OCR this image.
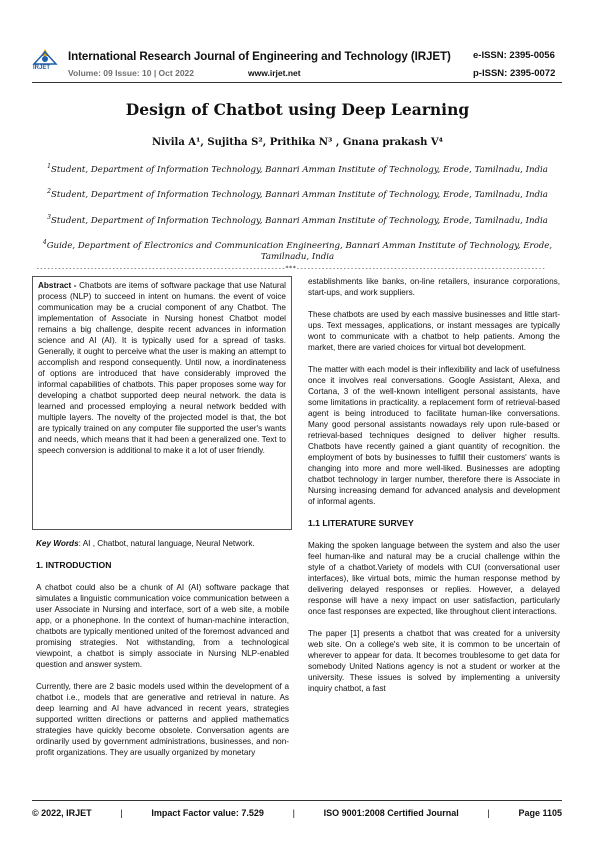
IRJET
International Research Journal of Engineering and Technology (IRJET) e-ISSN: 2395-0056
Volume: 09 Issue: 10 | Oct 2022	www.irjet.net	p-ISSN: 2395-0072
Design of Chatbot using Deep Learning
Nivila A¹, Sujitha S², Prithika N³ , Gnana prakash V⁴
$^1$Student, Department of Information Technology, Bannari Amman Institute of Technology, Erode, Tamilnadu, India
$^2$Student, Department of Information Technology, Bannari Amman Institute of Technology, Erode, Tamilnadu, India
$^3$Student, Department of Information Technology, Bannari Amman Institute of Technology, Erode, Tamilnadu, India
$^4$Guide, Department of Electronics and Communication Engineering, Bannari Amman Institute of Technology, Erode, Tamilnadu, India
---------------------------------------------------------------------***---------------------------------------------------------------------

Abstract - Chatbots are items of software package that use Natural process (NLP) to succeed in intent on humans. the event of voice communication may be a crucial component of any Chatbot. The implementation of Associate in Nursing honest Chatbot model remains a big challenge, despite recent advances in information science and AI (AI). It is typically used for a spread of tasks. Generally, it ought to perceive what the user is making an attempt to accomplish and respond consequently. Until now, a inordinateness of options are introduced that have considerably improved the informal capabilities of chatbots. This paper proposes some way for developing a chatbot supported deep neural network. the data is learned and processed employing a neural network bedded with multiple layers. The novelty of the projected model is that, the bot are typically trained on any computer file supported the user's wants and needs, which means that it had been a generalized one. Text to speech conversion is additional to make it a lot of user friendly.

Key Words: AI , Chatbot, natural language, Neural Network.

1. INTRODUCTION

A chatbot could also be a chunk of AI (AI) software package that simulates a linguistic communication voice communication between a user Associate in Nursing and interface, sort of a web site, a mobile app, or a phonephone. In the context of human-machine interaction, chatbots are typically mentioned united of the foremost advanced and promising strategies. Not withstanding, from a technological viewpoint, a chatbot is simply associate in Nursing NLP-enabled question and answer system.

Currently, there are 2 basic models used within the development of a chatbot i.e., models that are generative and retrieval in nature. As deep learning and AI have advanced in recent years, strategies supported written directions or patterns and applied mathematics strategies have quickly become obsolete. Conversation agents are ordinarily used by government administrations, businesses, and non-profit organizations. They are usually organized by monetary

establishments like banks, on-line retailers, insurance corporations, start-ups, and work suppliers.

These chatbots are used by each massive businesses and little start-ups. Text messages, applications, or instant messages are typically wont to communicate with a chatbot to help patients. Among the market, there are varied choices for virtual bot development.

The matter with each model is their inflexibility and lack of usefulness once it involves real conversations. Google Assistant, Alexa, and Cortana, 3 of the well-known intelligent personal assistants, have some limitations in practicality. a replacement form of retrieval-based agent is being introduced to facilitate human-like conversations. Many good personal assistants nowadays rely upon rule-based or retrieval-based techniques designed to deliver higher results. Chatbots have recently gained a giant quantity of recognition. the employment of bots by businesses to fulfill their customers' wants is changing into more and more well-liked. Businesses are adopting chatbot technology in larger number, therefore there is Associate in Nursing increasing demand for advanced analysis and development of informal agents.

1.1 LITERATURE SURVEY

Making the spoken language between the system and also the user feel human-like and natural may be a crucial challenge within the style of a chatbot.Variety of models with CUI (conversational user interfaces), like virtual bots, mimic the human response method by delivering delayed responses or replies. However, a delayed response will have a nexy impact on user satisfaction, particularly once fast responses are expected, like throughout client interactions.

The paper [1] presents a chatbot that was created for a university web site. On a college's web site, it is common to be uncertain of wherever to appear for data. It becomes troublesome to get data for somebody United Nations agency is not a student or worker at the university. These issues is solved by implementing a university inquiry chatbot, a fast

© 2022, IRJET	|	Impact Factor value: 7.529	|	ISO 9001:2008 Certified Journal	|	Page 1105
